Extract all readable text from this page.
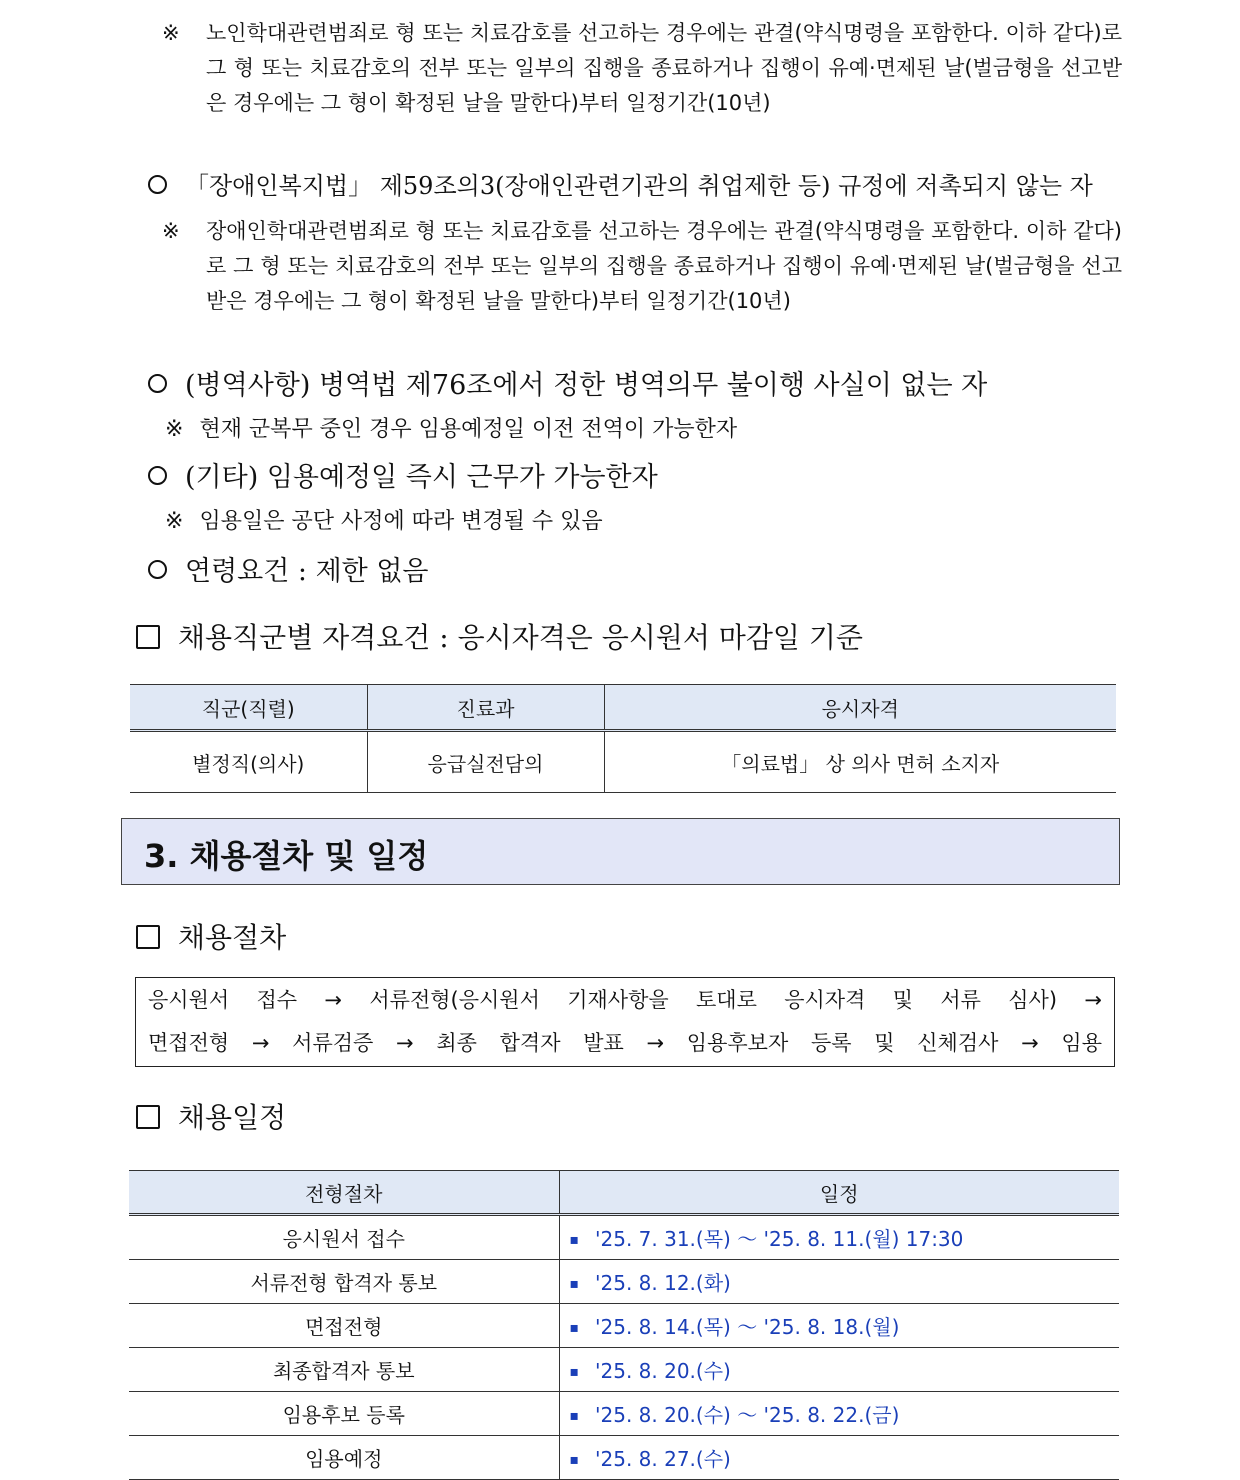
※ 노인학대관련범죄로 형 또는 치료감호를 선고하는 경우에는 관결(약식명령을 포함한다. 이하 같다)로 그 형 또는 치료감호의 전부 또는 일부의 집행을 종료하거나 집행이 유예·면제된 날(벌금형을 선고받은 경우에는 그 형이 확정된 날을 말한다)부터 일정기간(10년)
「장애인복지법」 제59조의3(장애인관련기관의 취업제한 등) 규정에 저촉되지 않는 자
※ 장애인학대관련범죄로 형 또는 치료감호를 선고하는 경우에는 관결(약식명령을 포함한다. 이하 같다)로 그 형 또는 치료감호의 전부 또는 일부의 집행을 종료하거나 집행이 유예·면제된 날(벌금형을 선고받은 경우에는 그 형이 확정된 날을 말한다)부터 일정기간(10년)
(병역사항) 병역법 제76조에서 정한 병역의무 불이행 사실이 없는 자
※ 현재 군복무 중인 경우 임용예정일 이전 전역이 가능한자
(기타) 임용예정일 즉시 근무가 가능한자
※ 임용일은 공단 사정에 따라 변경될 수 있음
연령요건 : 제한 없음
채용직군별 자격요건 : 응시자격은 응시원서 마감일 기준
직군(직렬)	진료과	응시자격
별정직(의사)	응급실전담의	「의료법」 상 의사 면허 소지자
3. 채용절차 및 일정
채용절차
응시원서 접수 → 서류전형(응시원서 기재사항을 토대로 응시자격 및 서류 심사) →
면접전형 → 서류검증 → 최종 합격자 발표 → 임용후보자 등록 및 신체검사 → 임용
채용일정
전형절차	일정
응시원서 접수	▪ '25. 7. 31.(목) ～ '25. 8. 11.(월) 17:30
서류전형 합격자 통보	▪ '25. 8. 12.(화)
면접전형	▪ '25. 8. 14.(목) ～ '25. 8. 18.(월)
최종합격자 통보	▪ '25. 8. 20.(수)
임용후보 등록	▪ '25. 8. 20.(수) ～ '25. 8. 22.(금)
임용예정	▪ '25. 8. 27.(수)
